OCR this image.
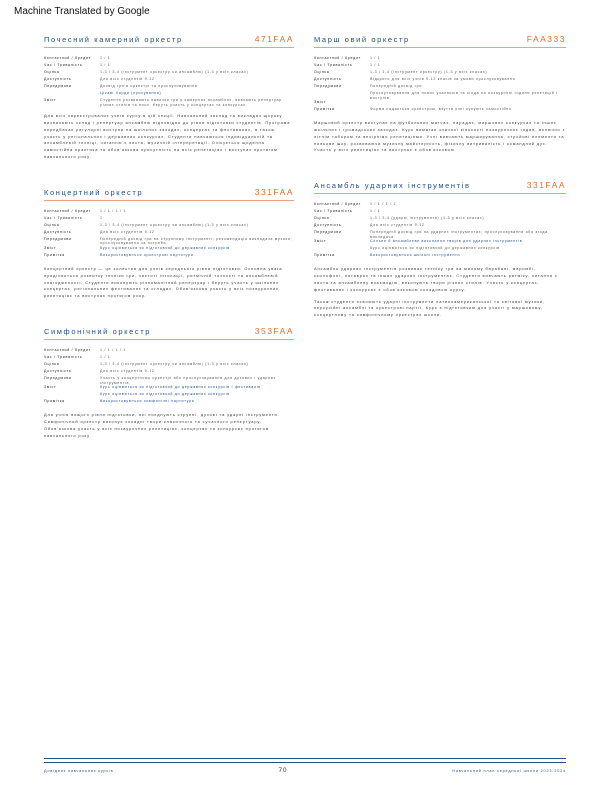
Machine Translated by Google
Почесний камерний оркестр	471FAA
Контактний / Кредит	1 / 1
Час / Тривалість	1 / 1
Оцінка	1-3 / 3-4 (інструмент оркестру чи ансамблю) (1-3 у всіх класах)
Доступність	Для всіх студентів 9-12
Передумови	Досвід гри в оркестрі та прослуховування
Цікаві Хорди (просування)
Зміст	Студенти розвивають навички гри у камерних ансамблях, вивчають репертуар різних стилів та епох, беруть участь у концертах та конкурсах.

Для всіх зареєстрованих учнів курсу в цій секції. Навчальний заклад та викладач щороку визначають склад і репертуар ансамблю відповідно до рівня підготовки студентів. Програма передбачає регулярні виступи на шкільних заходах, концертах та фестивалях, а також участь у регіональних і державних конкурсах. Студенти навчаються індивідуальній та ансамблевій техніці, читанню з листа, музичній інтерпретації. Очікується щоденна самостійна практика та обов'язкова присутність на всіх репетиціях і виступах протягом навчального року.

Концертний оркестр	331FAA
Контактний / Кредит	1 / 1 / 1 / 1
Час / Тривалість	1
Оцінка	1-3 / 3-4 (інструмент оркестру чи ансамблю) (1-3 у всіх класах)
Доступність	Для всіх студентів 9-12
Передумови	Попередній досвід гри на струнному інструменті; рекомендація викладача музики; прослуховування за потреби
Зміст	Курс оцінюється як підготовчий до державних конкурсів
Примітка	Використовуються оркестрові партитури

Концертний оркестр — це колектив для учнів середнього рівня підготовки. Основна увага приділяється розвитку техніки гри, чистоті інтонації, ритмічній точності та ансамблевій злагодженості. Студенти виконують різноманітний репертуар і беруть участь у шкільних концертах, регіональних фестивалях та оглядах. Обов'язкова участь у всіх позаурочних репетиціях та виступах протягом року.

Симфонічний оркестр	353FAA
Контактний / Кредит	1 / 1 / 1 / 1
Час / Тривалість	1 / 1
Оцінка	1-3 / 3-4 (інструмент оркестру чи ансамблю) (1-3 у всіх класах)
Доступність	Для всіх студентів 9-12
Передумови	Участь у концертному оркестрі або прослуховування для духових і ударних інструментів
Зміст	Курс оцінюється як підготовчий до державних конкурсів і фестивалів
Курс оцінюється як підготовчий до державних конкурсів
Примітка	Використовуються симфонічні партитури

Для учнів вищого рівня підготовки, які поєднують струнні, духові та ударні інструменти. Симфонічний оркестр виконує складні твори класичного та сучасного репертуару. Обов'язкова участь у всіх позаурочних репетиціях, концертах та конкурсах протягом навчального року.

Марш овий оркестр	FAA333
Контактний / Кредит	1 / 1
Час / Тривалість	1 / 1
Оцінка	1-3 / 3-4 (інструмент оркестру) (1-3 у всіх класах)
Доступність	Відкрито для всіх учнів 9-12 класів за умови прослуховування
Передумови	Попередній досвід гри
Прослуховування для нових учасників та згода на позаурочні години репетицій і виступів
Зміст
Примітка	Форма надається оркестром, взуття учні купують самостійно

Маршовий оркестр виступає на футбольних матчах, парадах, маршових конкурсах та інших шкільних і громадських заходах. Курс вимагає значної кількості позаурочних годин, включно з літнім табором та вечірніми репетиціями. Учні вивчають марширування, стройові елементи та польове шоу, розвиваючи музичну майстерність, фізичну витривалість і командний дух. Участь у всіх репетиціях та виступах є обов'язковою.

Ансамбль ударних інструментів	331FAA
Контактний / Кредит	1 / 1 / 1 / 1
Час / Тривалість	1 / 1
Оцінка	1-3 / 3-4 (ударні інструменти) (1-3 у всіх класах)
Доступність	Для всіх студентів 9-12
Передумови	Попередній досвід гри на ударних інструментах; прослуховування або згода викладача
Зміст	Сольне й ансамблеве виконання творів для ударних інструментів
Курс оцінюється як підготовчий до державних конкурсів
Примітка	Використовуються шкільні інструменти

Ансамбль ударних інструментів розвиває техніку гри на малому барабані, маримбі, ксилофоні, литаврах та інших ударних інструментах. Студенти вивчають ритміку, читання з листа та ансамблеву взаємодію, виконують твори різних стилів. Участь у концертах, фестивалях і конкурсах є обов'язковою складовою курсу.

Також студенти освоюють ударні інструменти латиноамериканської та світової музики, перкусійні ансамблі та оркестрові партії. Курс є підготовчим для участі у маршовому, концертному та симфонічному оркестрах школи.

Довідник навчальних курсів	70	Навчальний план середньої школи 2023-2024
